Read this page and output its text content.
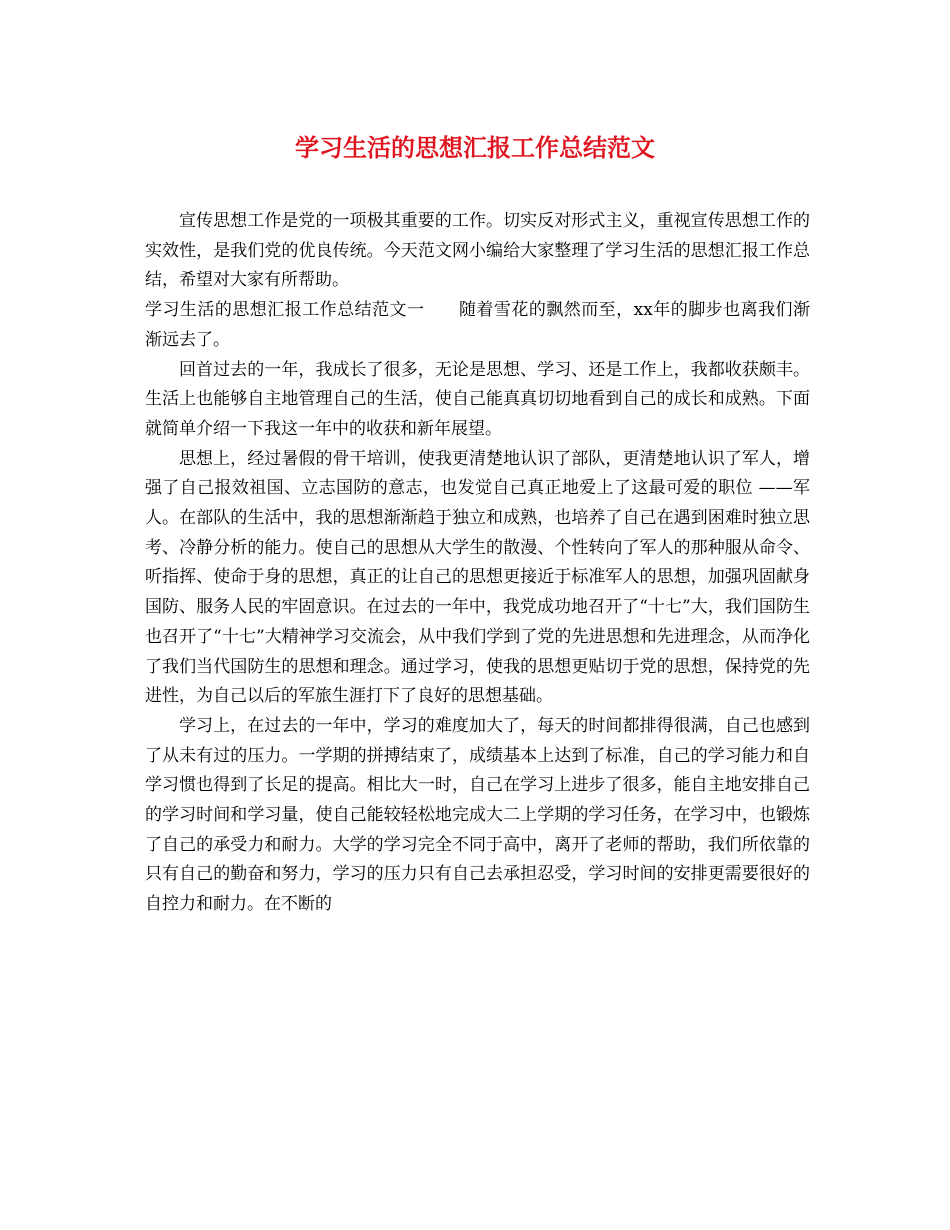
学习生活的思想汇报工作总结范文

宣传思想工作是党的一项极其重要的工作。切实反对形式主义，重视宣传思想工作的实效性，是我们党的优良传统。今天范文网小编给大家整理了学习生活的思想汇报工作总结，希望对大家有所帮助。

学习生活的思想汇报工作总结范文一 随着雪花的飘然而至，xx年的脚步也离我们渐渐远去了。

回首过去的一年，我成长了很多，无论是思想、学习、还是工作上，我都收获颇丰。生活上也能够自主地管理自己的生活，使自己能真真切切地看到自己的成长和成熟。下面就简单介绍一下我这一年中的收获和新年展望。

思想上，经过暑假的骨干培训，使我更清楚地认识了部队，更清楚地认识了军人，增强了自己报效祖国、立志国防的意志，也发觉自己真正地爱上了这最可爱的职位 ——军人。在部队的生活中，我的思想渐渐趋于独立和成熟，也培养了自己在遇到困难时独立思考、冷静分析的能力。使自己的思想从大学生的散漫、个性转向了军人的那种服从命令、听指挥、使命于身的思想，真正的让自己的思想更接近于标准军人的思想，加强巩固献身国防、服务人民的牢固意识。在过去的一年中，我党成功地召开了“十七”大，我们国防生也召开了“十七”大精神学习交流会，从中我们学到了党的先进思想和先进理念，从而净化了我们当代国防生的思想和理念。通过学习，使我的思想更贴切于党的思想，保持党的先进性，为自己以后的军旅生涯打下了良好的思想基础。

学习上，在过去的一年中，学习的难度加大了，每天的时间都排得很满，自己也感到了从未有过的压力。一学期的拼搏结束了，成绩基本上达到了标准，自己的学习能力和自学习惯也得到了长足的提高。相比大一时，自己在学习上进步了很多，能自主地安排自己的学习时间和学习量，使自己能较轻松地完成大二上学期的学习任务，在学习中，也锻炼了自己的承受力和耐力。大学的学习完全不同于高中，离开了老师的帮助，我们所依靠的只有自己的勤奋和努力，学习的压力只有自己去承担忍受，学习时间的安排更需要很好的自控力和耐力。在不断的
